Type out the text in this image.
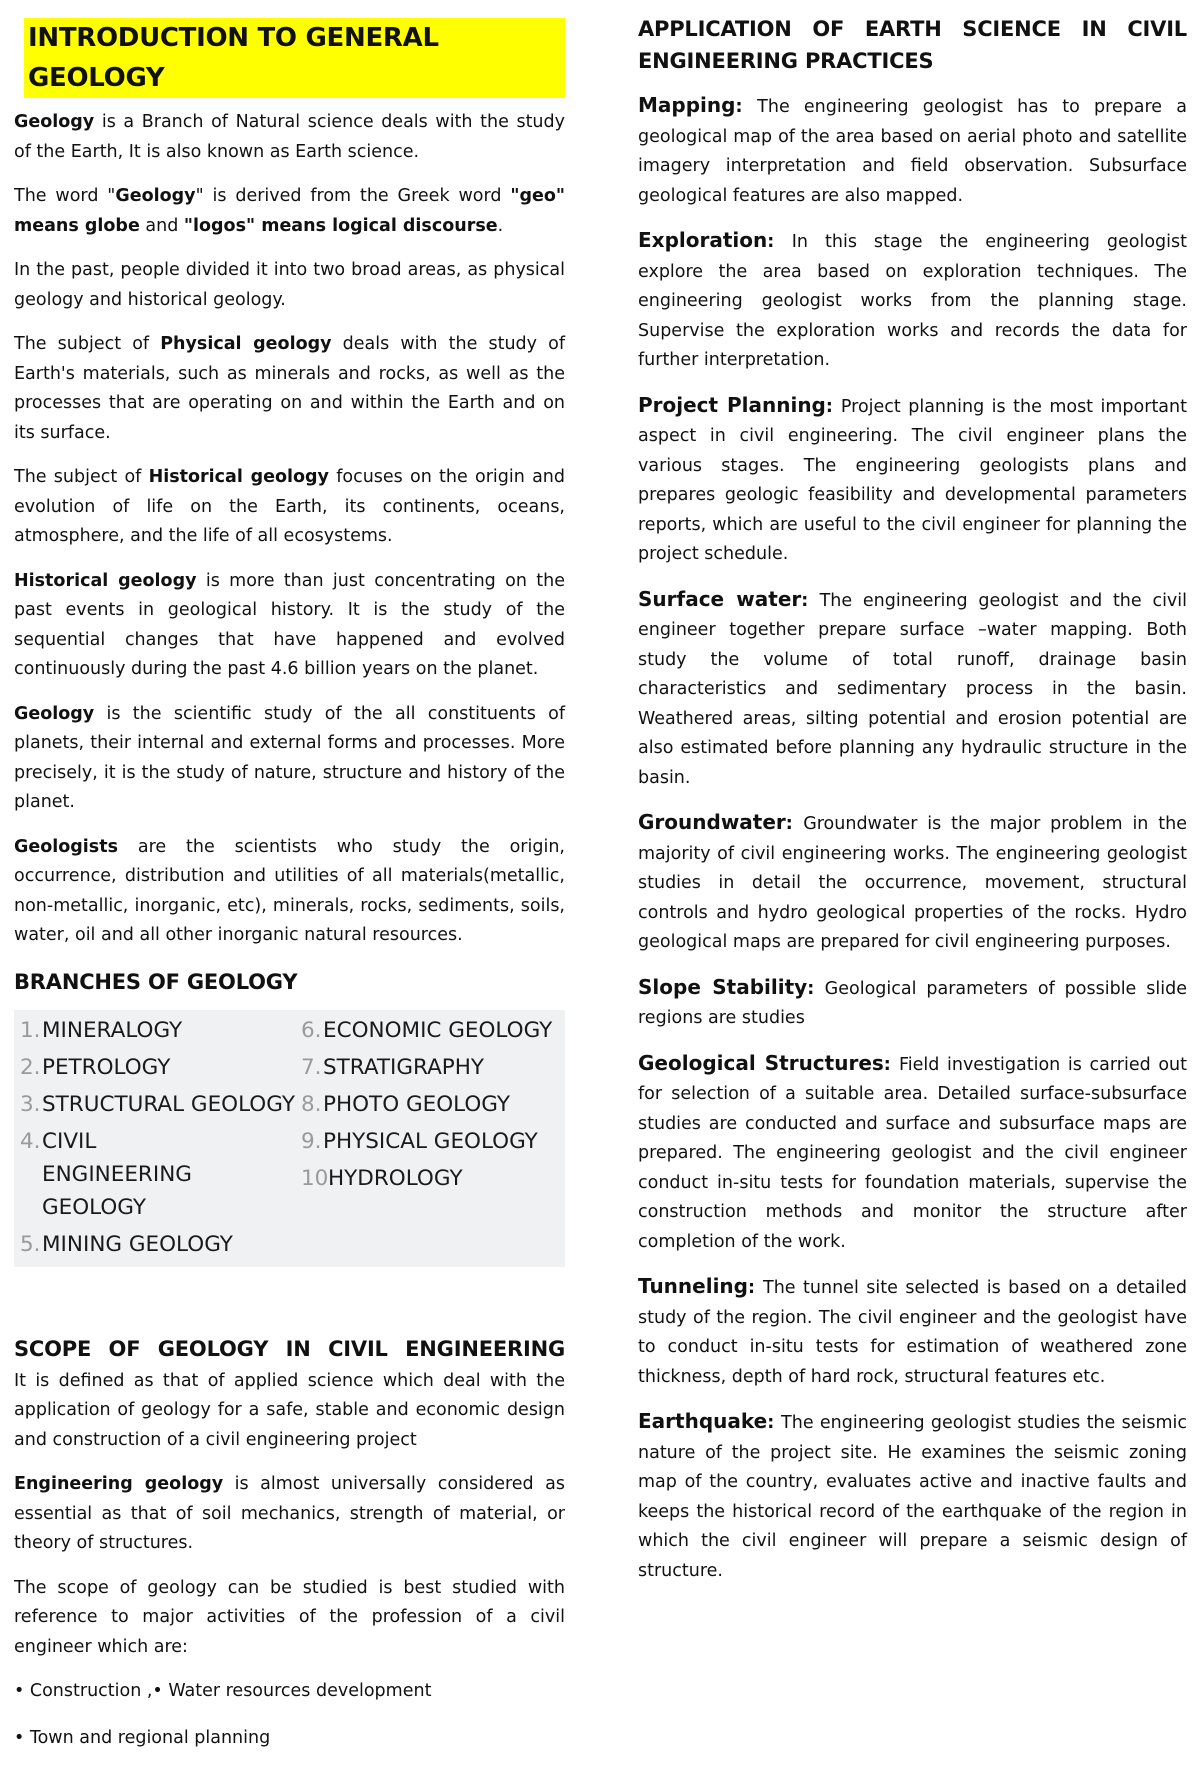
INTRODUCTION TO GENERAL GEOLOGY

Geology is a Branch of Natural science deals with the study of the Earth, It is also known as Earth science.

The word "Geology" is derived from the Greek word "geo" means globe and "logos" means logical discourse.

In the past, people divided it into two broad areas, as physical geology and historical geology.

The subject of Physical geology deals with the study of Earth's materials, such as minerals and rocks, as well as the processes that are operating on and within the Earth and on its surface.

The subject of Historical geology focuses on the origin and evolution of life on the Earth, its continents, oceans, atmosphere, and the life of all ecosystems.

Historical geology is more than just concentrating on the past events in geological history. It is the study of the sequential changes that have happened and evolved continuously during the past 4.6 billion years on the planet.

Geology is the scientific study of the all constituents of planets, their internal and external forms and processes. More precisely, it is the study of nature, structure and history of the planet.

Geologists are the scientists who study the origin, occurrence, distribution and utilities of all materials(metallic, non-metallic, inorganic, etc), minerals, rocks, sediments, soils, water, oil and all other inorganic natural resources.

BRANCHES OF GEOLOGY
1. MINERALOGY
2. PETROLOGY
3. STRUCTURAL GEOLOGY
4. CIVIL ENGINEERING GEOLOGY
5. MINING GEOLOGY
6. ECONOMIC GEOLOGY
7. STRATIGRAPHY
8. PHOTO GEOLOGY
9. PHYSICAL GEOLOGY
10.
HYDROLOGY
SCOPE OF GEOLOGY IN CIVIL ENGINEERING

It is defined as that of applied science which deal with the application of geology for a safe, stable and economic design and construction of a civil engineering project

Engineering geology is almost universally considered as essential as that of soil mechanics, strength of material, or theory of structures.

The scope of geology can be studied is best studied with reference to major activities of the profession of a civil engineer which are:

• Construction ,• Water resources development
• Town and regional planning
APPLICATION OF EARTH SCIENCE IN CIVIL ENGINEERING PRACTICES

Mapping: The engineering geologist has to prepare a geological map of the area based on aerial photo and satellite imagery interpretation and field observation. Subsurface geological features are also mapped.

Exploration: In this stage the engineering geologist explore the area based on exploration techniques. The engineering geologist works from the planning stage. Supervise the exploration works and records the data for further interpretation.

Project Planning: Project planning is the most important aspect in civil engineering. The civil engineer plans the various stages. The engineering geologists plans and prepares geologic feasibility and developmental parameters reports, which are useful to the civil engineer for planning the project schedule.

Surface water: The engineering geologist and the civil engineer together prepare surface –water mapping. Both study the volume of total runoff, drainage basin characteristics and sedimentary process in the basin. Weathered areas, silting potential and erosion potential are also estimated before planning any hydraulic structure in the basin.

Groundwater: Groundwater is the major problem in the majority of civil engineering works. The engineering geologist studies in detail the occurrence, movement, structural controls and hydro geological properties of the rocks. Hydro geological maps are prepared for civil engineering purposes.

Slope Stability: Geological parameters of possible slide regions are studies

Geological Structures: Field investigation is carried out for selection of a suitable area. Detailed surface-subsurface studies are conducted and surface and subsurface maps are prepared. The engineering geologist and the civil engineer conduct in-situ tests for foundation materials, supervise the construction methods and monitor the structure after completion of the work.

Tunneling: The tunnel site selected is based on a detailed study of the region. The civil engineer and the geologist have to conduct in-situ tests for estimation of weathered zone thickness, depth of hard rock, structural features etc.

Earthquake: The engineering geologist studies the seismic nature of the project site. He examines the seismic zoning map of the country, evaluates active and inactive faults and keeps the historical record of the earthquake of the region in which the civil engineer will prepare a seismic design of structure.
